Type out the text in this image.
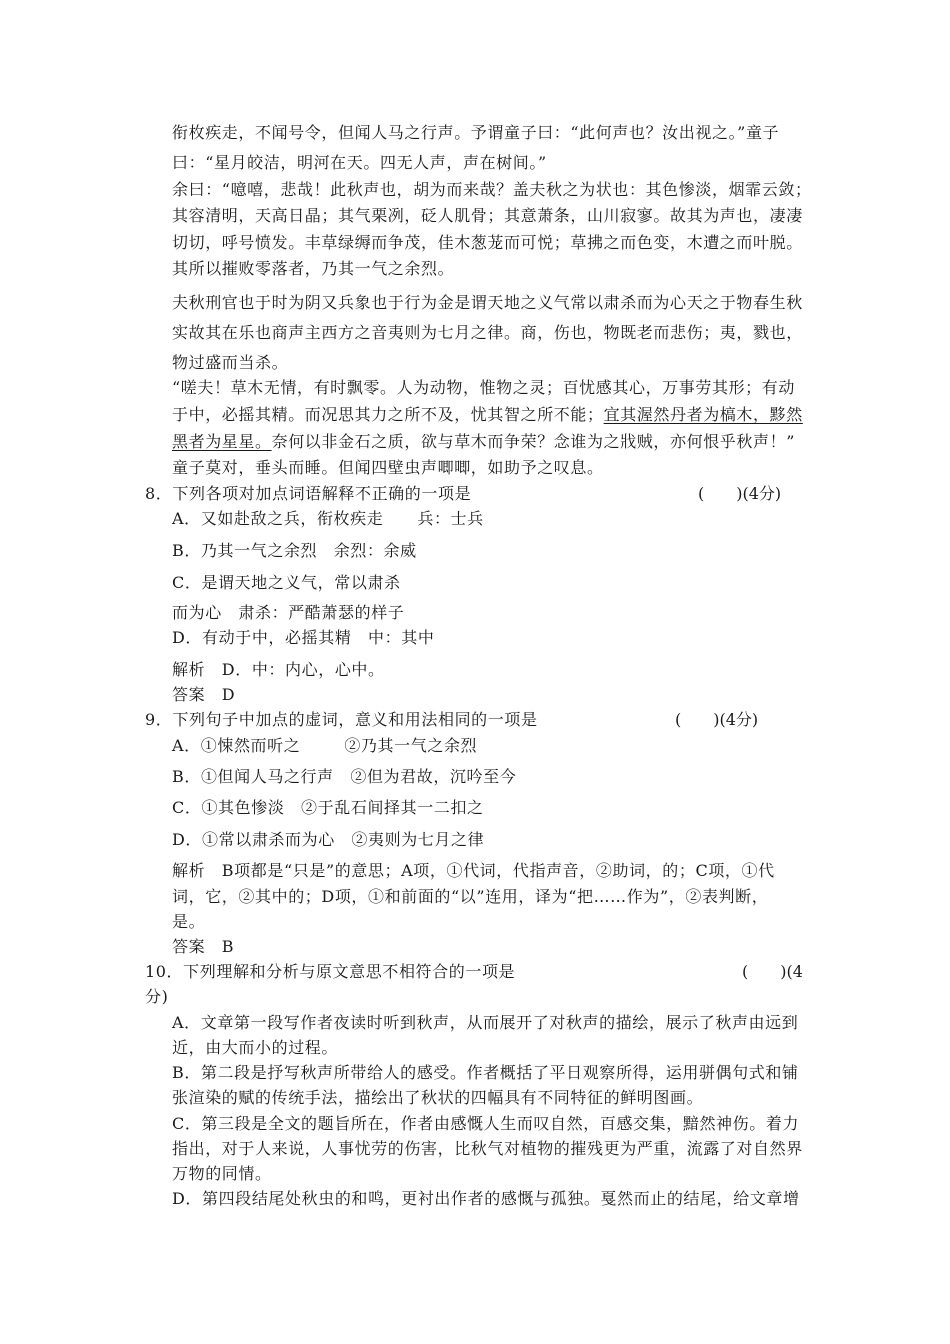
衔枚疾走，不闻号令，但闻人马之行声。予谓童子曰：“此何声也？汝出视之。”童子
曰：“星月皎洁，明河在天。四无人声，声在树间。”
余曰：“噫嘻，悲哉！此秋声也，胡为而来哉？盖夫秋之为状也：其色惨淡，烟霏云敛；
其容清明，天高日晶；其气栗冽，砭人肌骨；其意萧条，山川寂寥。故其为声也，凄凄
切切，呼号愤发。丰草绿缛而争茂，佳木葱茏而可悦；草拂之而色变，木遭之而叶脱。
其所以摧败零落者，乃其一气之余烈。
夫秋刑官也于时为阴又兵象也于行为金是谓天地之义气常以肃杀而为心天之于物春生秋
实故其在乐也商声主西方之音夷则为七月之律。商，伤也，物既老而悲伤；夷，戮也，
物过盛而当杀。
“嗟夫！草木无情，有时飘零。人为动物，惟物之灵；百忧感其心，万事劳其形；有动
于中，必摇其精。而况思其力之所不及，忧其智之所不能；宜其渥然丹者为槁木，黟然
黑者为星星。奈何以非金石之质，欲与草木而争荣？念谁为之戕贼，亦何恨乎秋声！”
童子莫对，垂头而睡。但闻四壁虫声唧唧，如助予之叹息。
8．下列各项对加点词语解释不正确的一项是	(　　)(4分)
A．又如赴敌之兵，衔枚疾走 兵：士兵
B．乃其一气之余烈　余烈：余威
C．是谓天地之义气，常以肃杀
而为心　肃杀：严酷萧瑟的样子
D．有动于中，必摇其精　中：其中
解析　D．中：内心，心中。
答案　D
9．下列句子中加点的虚词，意义和用法相同的一项是	(　　)(4分)
A．①悚然而听之	②乃其一气之余烈
B．①但闻人马之行声　②但为君故，沉吟至今
C．①其色惨淡　②于乱石间择其一二扣之
D．①常以肃杀而为心　②夷则为七月之律
解析　B项都是“只是”的意思；A项，①代词，代指声音，②助词，的；C项，①代
词，它，②其中的；D项，①和前面的“以”连用，译为“把……作为”，②表判断，
是。
答案　B
10．下列理解和分析与原文意思不相符合的一项是	(　　)(4
分)
A．文章第一段写作者夜读时听到秋声，从而展开了对秋声的描绘，展示了秋声由远到
近，由大而小的过程。
B．第二段是抒写秋声所带给人的感受。作者概括了平日观察所得，运用骈偶句式和铺
张渲染的赋的传统手法，描绘出了秋状的四幅具有不同特征的鲜明图画。
C．第三段是全文的题旨所在，作者由感慨人生而叹自然，百感交集，黯然神伤。着力
指出，对于人来说，人事忧劳的伤害，比秋气对植物的摧残更为严重，流露了对自然界
万物的同情。
D．第四段结尾处秋虫的和鸣，更衬出作者的感慨与孤独。戛然而止的结尾，给文章增
